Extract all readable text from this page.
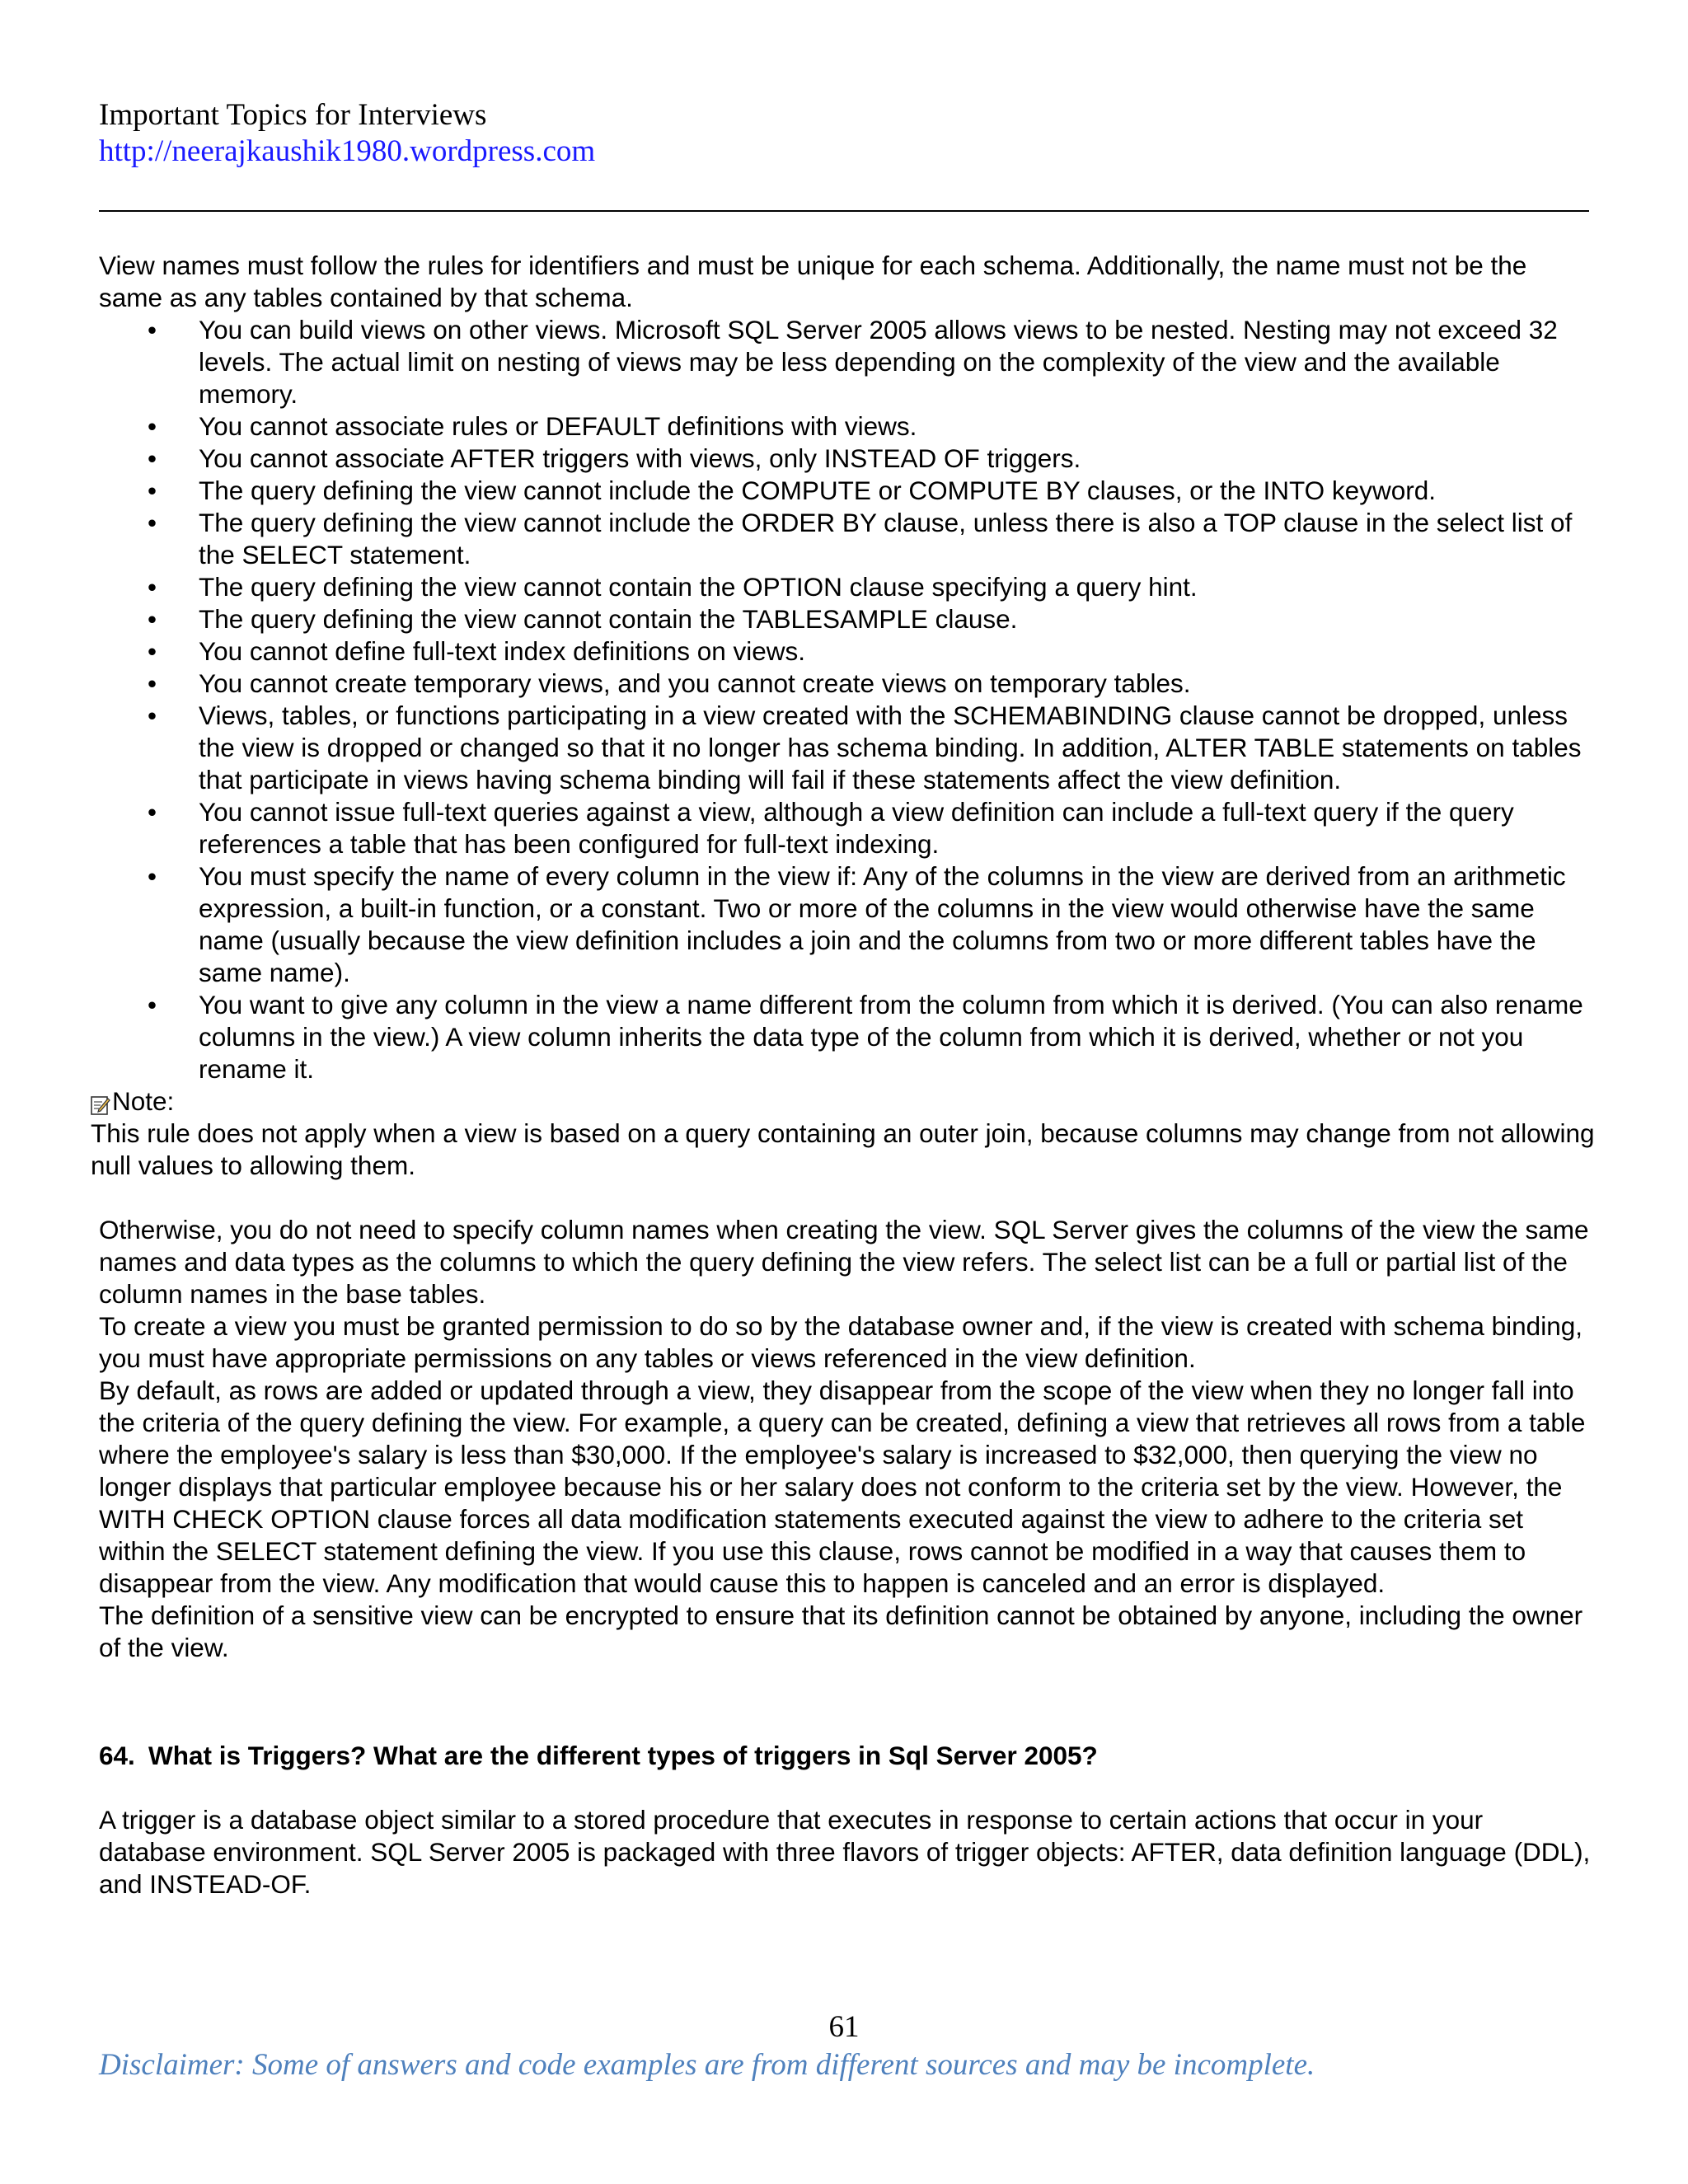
Important Topics for Interviews
http://neerajkaushik1980.wordpress.com

View names must follow the rules for identifiers and must be unique for each schema. Additionally, the name must not be the same as any tables contained by that schema.

• You can build views on other views. Microsoft SQL Server 2005 allows views to be nested. Nesting may not exceed 32 levels. The actual limit on nesting of views may be less depending on the complexity of the view and the available memory.
• You cannot associate rules or DEFAULT definitions with views.
• You cannot associate AFTER triggers with views, only INSTEAD OF triggers.
• The query defining the view cannot include the COMPUTE or COMPUTE BY clauses, or the INTO keyword.
• The query defining the view cannot include the ORDER BY clause, unless there is also a TOP clause in the select list of the SELECT statement.
• The query defining the view cannot contain the OPTION clause specifying a query hint.
• The query defining the view cannot contain the TABLESAMPLE clause.
• You cannot define full-text index definitions on views.
• You cannot create temporary views, and you cannot create views on temporary tables.
• Views, tables, or functions participating in a view created with the SCHEMABINDING clause cannot be dropped, unless the view is dropped or changed so that it no longer has schema binding. In addition, ALTER TABLE statements on tables that participate in views having schema binding will fail if these statements affect the view definition.
• You cannot issue full-text queries against a view, although a view definition can include a full-text query if the query references a table that has been configured for full-text indexing.
• You must specify the name of every column in the view if: Any of the columns in the view are derived from an arithmetic expression, a built-in function, or a constant. Two or more of the columns in the view would otherwise have the same name (usually because the view definition includes a join and the columns from two or more different tables have the same name).
• You want to give any column in the view a name different from the column from which it is derived. (You can also rename columns in the view.) A view column inherits the data type of the column from which it is derived, whether or not you rename it.
Note:

This rule does not apply when a view is based on a query containing an outer join, because columns may change from not allowing null values to allowing them.

Otherwise, you do not need to specify column names when creating the view. SQL Server gives the columns of the view the same names and data types as the columns to which the query defining the view refers. The select list can be a full or partial list of the column names in the base tables.

To create a view you must be granted permission to do so by the database owner and, if the view is created with schema binding, you must have appropriate permissions on any tables or views referenced in the view definition.

By default, as rows are added or updated through a view, they disappear from the scope of the view when they no longer fall into the criteria of the query defining the view. For example, a query can be created, defining a view that retrieves all rows from a table where the employee's salary is less than $30,000. If the employee's salary is increased to $32,000, then querying the view no longer displays that particular employee because his or her salary does not conform to the criteria set by the view. However, the WITH CHECK OPTION clause forces all data modification statements executed against the view to adhere to the criteria set within the SELECT statement defining the view. If you use this clause, rows cannot be modified in a way that causes them to disappear from the view. Any modification that would cause this to happen is canceled and an error is displayed.

The definition of a sensitive view can be encrypted to ensure that its definition cannot be obtained by anyone, including the owner of the view.

64. What is Triggers? What are the different types of triggers in Sql Server 2005?

A trigger is a database object similar to a stored procedure that executes in response to certain actions that occur in your database environment. SQL Server 2005 is packaged with three flavors of trigger objects: AFTER, data definition language (DDL), and INSTEAD-OF.

61
Disclaimer: Some of answers and code examples are from different sources and may be incomplete.
